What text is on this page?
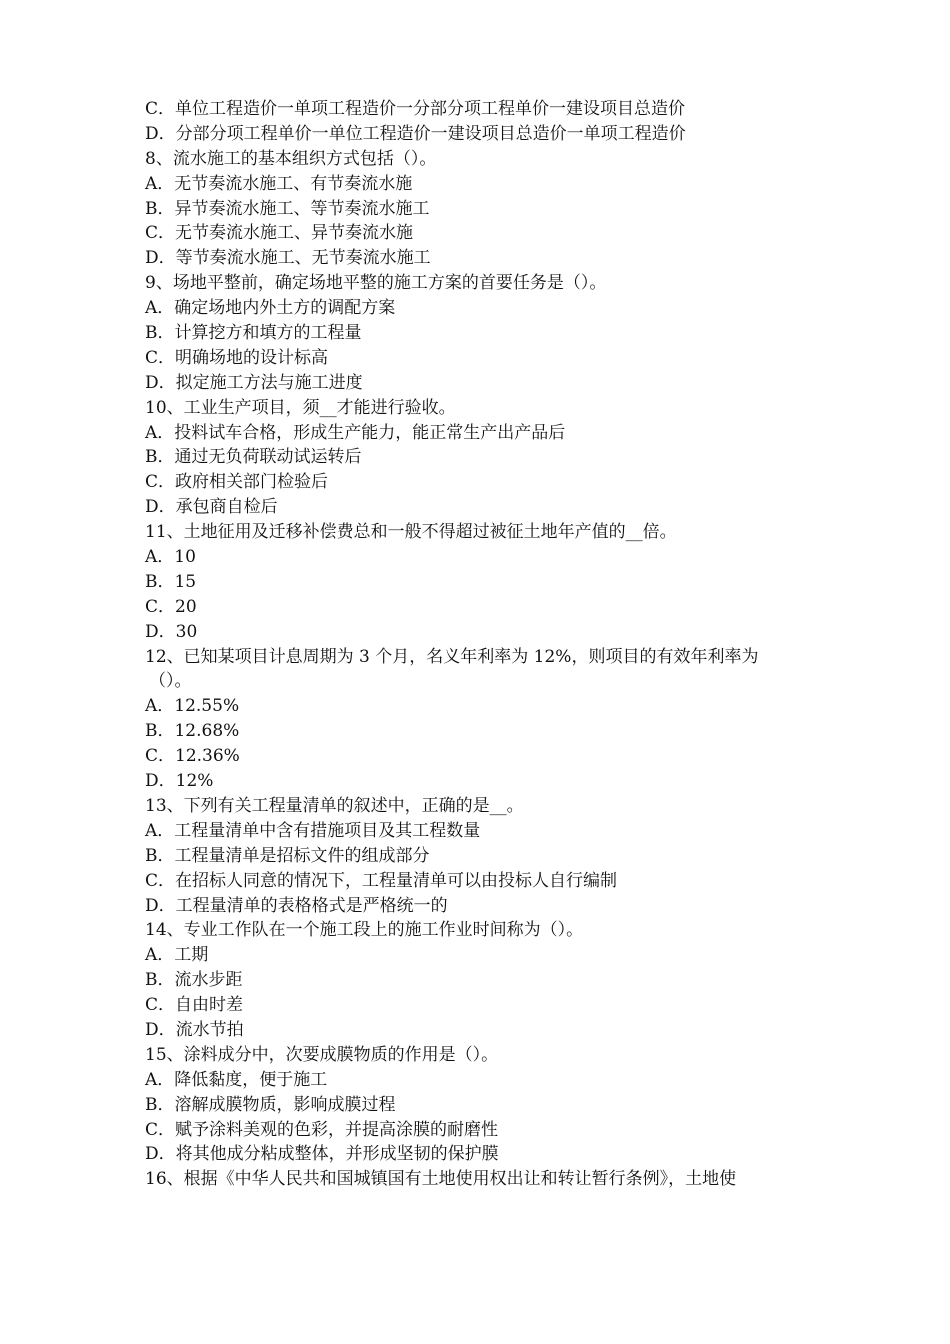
C．单位工程造价一单项工程造价一分部分项工程单价一建设项目总造价
D．分部分项工程单价一单位工程造价一建设项目总造价一单项工程造价
8、流水施工的基本组织方式包括（）。
A．无节奏流水施工、有节奏流水施
B．异节奏流水施工、等节奏流水施工
C．无节奏流水施工、异节奏流水施
D．等节奏流水施工、无节奏流水施工
9、场地平整前，确定场地平整的施工方案的首要任务是（）。
A．确定场地内外土方的调配方案
B．计算挖方和填方的工程量
C．明确场地的设计标高
D．拟定施工方法与施工进度
10、工业生产项目，须__才能进行验收。
A．投料试车合格，形成生产能力，能正常生产出产品后
B．通过无负荷联动试运转后
C．政府相关部门检验后
D．承包商自检后
11、土地征用及迁移补偿费总和一般不得超过被征土地年产值的__倍。
A．10
B．15
C．20
D．30
12、已知某项目计息周期为 3 个月，名义年利率为 12%，则项目的有效年利率为
（）。
A．12.55%
B．12.68%
C．12.36%
D．12%
13、下列有关工程量清单的叙述中，正确的是__。
A．工程量清单中含有措施项目及其工程数量
B．工程量清单是招标文件的组成部分
C．在招标人同意的情况下，工程量清单可以由投标人自行编制
D．工程量清单的表格格式是严格统一的
14、专业工作队在一个施工段上的施工作业时间称为（）。
A．工期
B．流水步距
C．自由时差
D．流水节拍
15、涂料成分中，次要成膜物质的作用是（）。
A．降低黏度，便于施工
B．溶解成膜物质，影响成膜过程
C．赋予涂料美观的色彩，并提高涂膜的耐磨性
D．将其他成分粘成整体，并形成坚韧的保护膜
16、根据《中华人民共和国城镇国有土地使用权出让和转让暂行条例》，土地使
